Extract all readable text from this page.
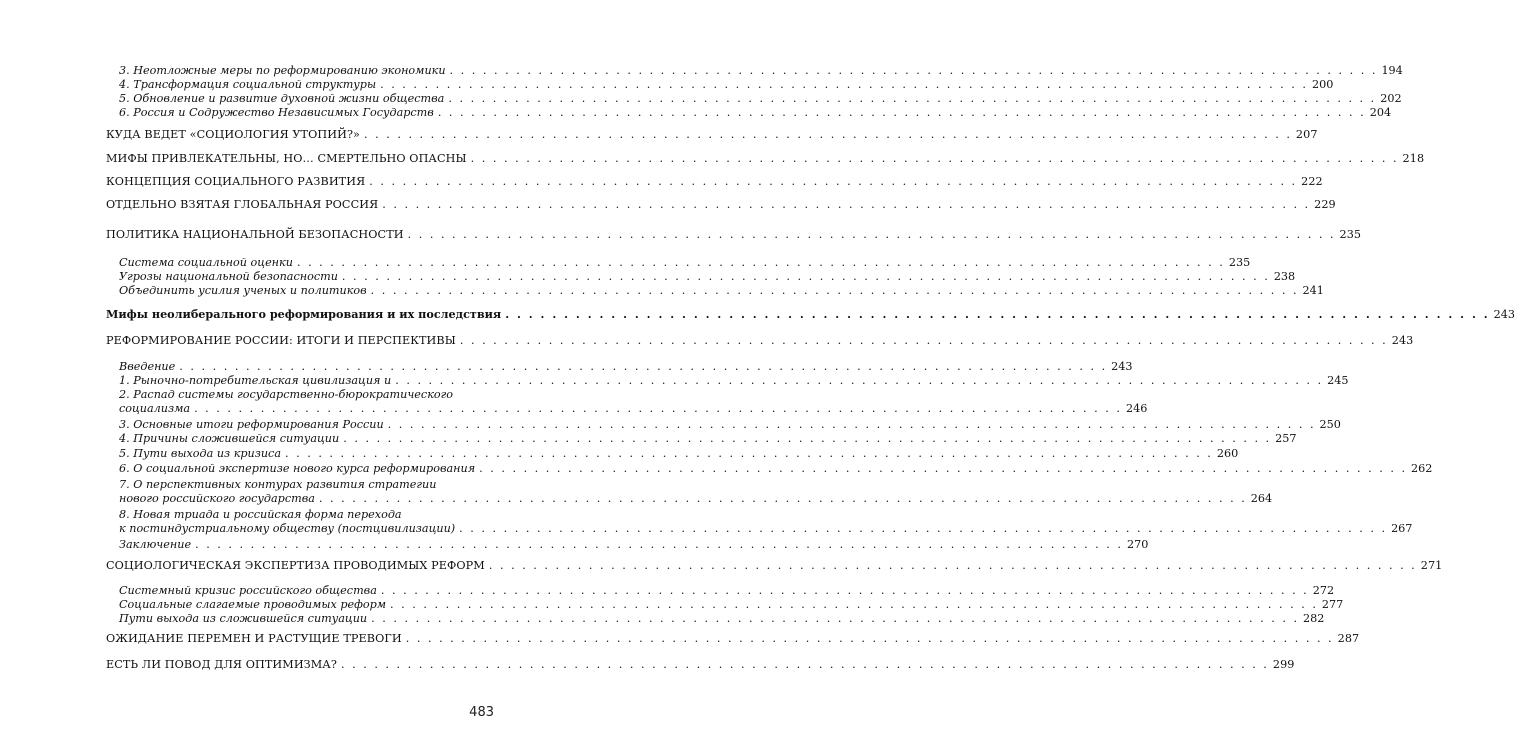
3. Неотложные меры по реформированию экономики . . . . . . . . . . . . . . . . . . . . . . . . . . . . . . . . . . . . . . . . . . . . . . . . . . . . . . . . . . . . . . . . . . . . . . . . . . . . . . . . . . . . 194
4. Трансформация социальной структуры . . . . . . . . . . . . . . . . . . . . . . . . . . . . . . . . . . . . . . . . . . . . . . . . . . . . . . . . . . . . . . . . . . . . . . . . . . . . . . . . . . . . 200
5. Обновление и развитие духовной жизни общества . . . . . . . . . . . . . . . . . . . . . . . . . . . . . . . . . . . . . . . . . . . . . . . . . . . . . . . . . . . . . . . . . . . . . . . . . . . . . . . . . . . . 202
6. Россия и Содружество Независимых Государств . . . . . . . . . . . . . . . . . . . . . . . . . . . . . . . . . . . . . . . . . . . . . . . . . . . . . . . . . . . . . . . . . . . . . . . . . . . . . . . . . . . . 204
КУДА ВЕДЕТ «СОЦИОЛОГИЯ УТОПИЙ?» . . . . . . . . . . . . . . . . . . . . . . . . . . . . . . . . . . . . . . . . . . . . . . . . . . . . . . . . . . . . . . . . . . . . . . . . . . . . . . . . . . . . 207
МИФЫ ПРИВЛЕКАТЕЛЬНЫ, НО… СМЕРТЕЛЬНО ОПАСНЫ . . . . . . . . . . . . . . . . . . . . . . . . . . . . . . . . . . . . . . . . . . . . . . . . . . . . . . . . . . . . . . . . . . . . . . . . . . . . . . . . . . . . 218
КОНЦЕПЦИЯ СОЦИАЛЬНОГО РАЗВИТИЯ . . . . . . . . . . . . . . . . . . . . . . . . . . . . . . . . . . . . . . . . . . . . . . . . . . . . . . . . . . . . . . . . . . . . . . . . . . . . . . . . . . . . 222
ОТДЕЛЬНО ВЗЯТАЯ ГЛОБАЛЬНАЯ РОССИЯ . . . . . . . . . . . . . . . . . . . . . . . . . . . . . . . . . . . . . . . . . . . . . . . . . . . . . . . . . . . . . . . . . . . . . . . . . . . . . . . . . . . . 229
ПОЛИТИКА НАЦИОНАЛЬНОЙ БЕЗОПАСНОСТИ . . . . . . . . . . . . . . . . . . . . . . . . . . . . . . . . . . . . . . . . . . . . . . . . . . . . . . . . . . . . . . . . . . . . . . . . . . . . . . . . . . . . 235
Система социальной оценки . . . . . . . . . . . . . . . . . . . . . . . . . . . . . . . . . . . . . . . . . . . . . . . . . . . . . . . . . . . . . . . . . . . . . . . . . . . . . . . . . . . . 235
Угрозы национальной безопасности . . . . . . . . . . . . . . . . . . . . . . . . . . . . . . . . . . . . . . . . . . . . . . . . . . . . . . . . . . . . . . . . . . . . . . . . . . . . . . . . . . . . 238
Объединить усилия ученых и политиков . . . . . . . . . . . . . . . . . . . . . . . . . . . . . . . . . . . . . . . . . . . . . . . . . . . . . . . . . . . . . . . . . . . . . . . . . . . . . . . . . . . . 241
Мифы неолиберального реформирования и их последствия . . . . . . . . . . . . . . . . . . . . . . . . . . . . . . . . . . . . . . . . . . . . . . . . . . . . . . . . . . . . . . . . . . . . . . . . . . . . . . . . . . . . 243
РЕФОРМИРОВАНИЕ РОССИИ: ИТОГИ И ПЕРСПЕКТИВЫ . . . . . . . . . . . . . . . . . . . . . . . . . . . . . . . . . . . . . . . . . . . . . . . . . . . . . . . . . . . . . . . . . . . . . . . . . . . . . . . . . . . . 243
Введение . . . . . . . . . . . . . . . . . . . . . . . . . . . . . . . . . . . . . . . . . . . . . . . . . . . . . . . . . . . . . . . . . . . . . . . . . . . . . . . . . . . . 243
1. Рыночно-потребительская цивилизация и . . . . . . . . . . . . . . . . . . . . . . . . . . . . . . . . . . . . . . . . . . . . . . . . . . . . . . . . . . . . . . . . . . . . . . . . . . . . . . . . . . . . 245
2. Распад системы государственно-бюрократического
социализма . . . . . . . . . . . . . . . . . . . . . . . . . . . . . . . . . . . . . . . . . . . . . . . . . . . . . . . . . . . . . . . . . . . . . . . . . . . . . . . . . . . . 246
3. Основные итоги реформирования России . . . . . . . . . . . . . . . . . . . . . . . . . . . . . . . . . . . . . . . . . . . . . . . . . . . . . . . . . . . . . . . . . . . . . . . . . . . . . . . . . . . . 250
4. Причины сложившейся ситуации . . . . . . . . . . . . . . . . . . . . . . . . . . . . . . . . . . . . . . . . . . . . . . . . . . . . . . . . . . . . . . . . . . . . . . . . . . . . . . . . . . . . 257
5. Пути выхода из кризиса . . . . . . . . . . . . . . . . . . . . . . . . . . . . . . . . . . . . . . . . . . . . . . . . . . . . . . . . . . . . . . . . . . . . . . . . . . . . . . . . . . . . 260
6. О социальной экспертизе нового курса реформирования . . . . . . . . . . . . . . . . . . . . . . . . . . . . . . . . . . . . . . . . . . . . . . . . . . . . . . . . . . . . . . . . . . . . . . . . . . . . . . . . . . . . 262
7. О перспективных контурах развития стратегии
нового российского государства . . . . . . . . . . . . . . . . . . . . . . . . . . . . . . . . . . . . . . . . . . . . . . . . . . . . . . . . . . . . . . . . . . . . . . . . . . . . . . . . . . . . 264
8. Новая триада и российская форма перехода
к постиндустриальному обществу (постцивилизации) . . . . . . . . . . . . . . . . . . . . . . . . . . . . . . . . . . . . . . . . . . . . . . . . . . . . . . . . . . . . . . . . . . . . . . . . . . . . . . . . . . . . 267
Заключение . . . . . . . . . . . . . . . . . . . . . . . . . . . . . . . . . . . . . . . . . . . . . . . . . . . . . . . . . . . . . . . . . . . . . . . . . . . . . . . . . . . . 270
СОЦИОЛОГИЧЕСКАЯ ЭКСПЕРТИЗА ПРОВОДИМЫХ РЕФОРМ . . . . . . . . . . . . . . . . . . . . . . . . . . . . . . . . . . . . . . . . . . . . . . . . . . . . . . . . . . . . . . . . . . . . . . . . . . . . . . . . . . . . 271
Системный кризис российского общества . . . . . . . . . . . . . . . . . . . . . . . . . . . . . . . . . . . . . . . . . . . . . . . . . . . . . . . . . . . . . . . . . . . . . . . . . . . . . . . . . . . . 272
Социальные слагаемые проводимых реформ . . . . . . . . . . . . . . . . . . . . . . . . . . . . . . . . . . . . . . . . . . . . . . . . . . . . . . . . . . . . . . . . . . . . . . . . . . . . . . . . . . . . 277
Пути выхода из сложившейся ситуации . . . . . . . . . . . . . . . . . . . . . . . . . . . . . . . . . . . . . . . . . . . . . . . . . . . . . . . . . . . . . . . . . . . . . . . . . . . . . . . . . . . . 282
ОЖИДАНИЕ ПЕРЕМЕН И РАСТУЩИЕ ТРЕВОГИ . . . . . . . . . . . . . . . . . . . . . . . . . . . . . . . . . . . . . . . . . . . . . . . . . . . . . . . . . . . . . . . . . . . . . . . . . . . . . . . . . . . . 287
ЕСТЬ ЛИ ПОВОД ДЛЯ ОПТИМИЗМА? . . . . . . . . . . . . . . . . . . . . . . . . . . . . . . . . . . . . . . . . . . . . . . . . . . . . . . . . . . . . . . . . . . . . . . . . . . . . . . . . . . . . 299
483
